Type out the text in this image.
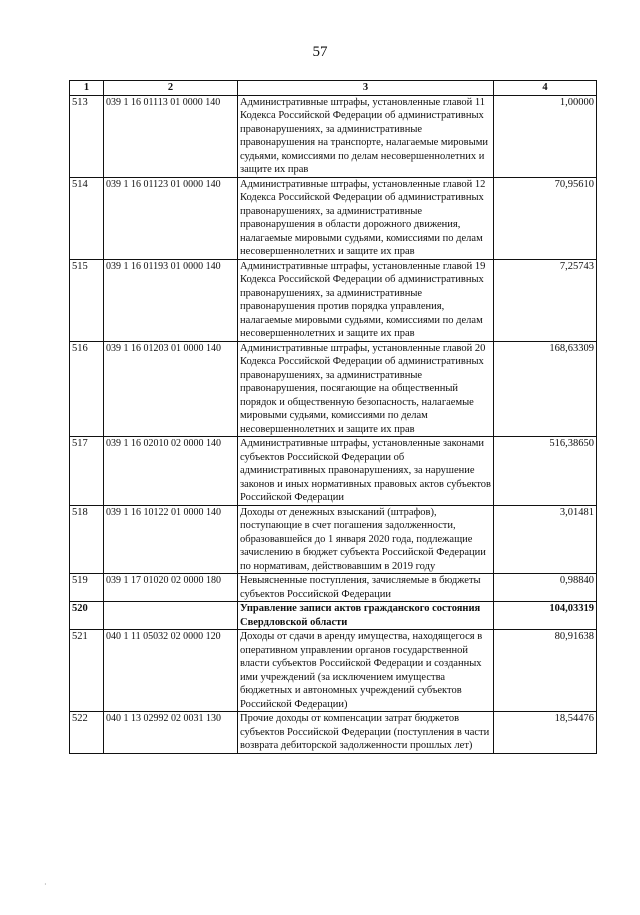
57
1	2	3	4
513	039 1 16 01113 01 0000 140	Административные штрафы, установленные главой 11 Кодекса Российской Федерации об административных правонарушениях, за административные правонарушения на транспорте, налагаемые мировыми судьями, комиссиями по делам несовершеннолетних и защите их прав	1,00000
514	039 1 16 01123 01 0000 140	Административные штрафы, установленные главой 12 Кодекса Российской Федерации об административных правонарушениях, за административные правонарушения в области дорожного движения, налагаемые мировыми судьями, комиссиями по делам несовершеннолетних и защите их прав	70,95610
515	039 1 16 01193 01 0000 140	Административные штрафы, установленные главой 19 Кодекса Российской Федерации об административных правонарушениях, за административные правонарушения против порядка управления, налагаемые мировыми судьями, комиссиями по делам несовершеннолетних и защите их прав	7,25743
516	039 1 16 01203 01 0000 140	Административные штрафы, установленные главой 20 Кодекса Российской Федерации об административных правонарушениях, за административные правонарушения, посягающие на общественный порядок и общественную безопасность, налагаемые мировыми судьями, комиссиями по делам несовершеннолетних и защите их прав	168,63309
517	039 1 16 02010 02 0000 140	Административные штрафы, установленные законами субъектов Российской Федерации об административных правонарушениях, за нарушение законов и иных нормативных правовых актов субъектов Российской Федерации	516,38650
518	039 1 16 10122 01 0000 140	Доходы от денежных взысканий (штрафов), поступающие в счет погашения задолженности, образовавшейся до 1 января 2020 года, подлежащие зачислению в бюджет субъекта Российской Федерации по нормативам, действовавшим в 2019 году	3,01481
519	039 1 17 01020 02 0000 180	Невыясненные поступления, зачисляемые в бюджеты субъектов Российской Федерации	0,98840
520		Управление записи актов гражданского состояния Свердловской области	104,03319
521	040 1 11 05032 02 0000 120	Доходы от сдачи в аренду имущества, находящегося в оперативном управлении органов государственной власти субъектов Российской Федерации и созданных ими учреждений (за исключением имущества бюджетных и автономных учреждений субъектов Российской Федерации)	80,91638
522	040 1 13 02992 02 0031 130	Прочие доходы от компенсации затрат бюджетов субъектов Российской Федерации (поступления в части возврата дебиторской задолженности прошлых лет)	18,54476
·
